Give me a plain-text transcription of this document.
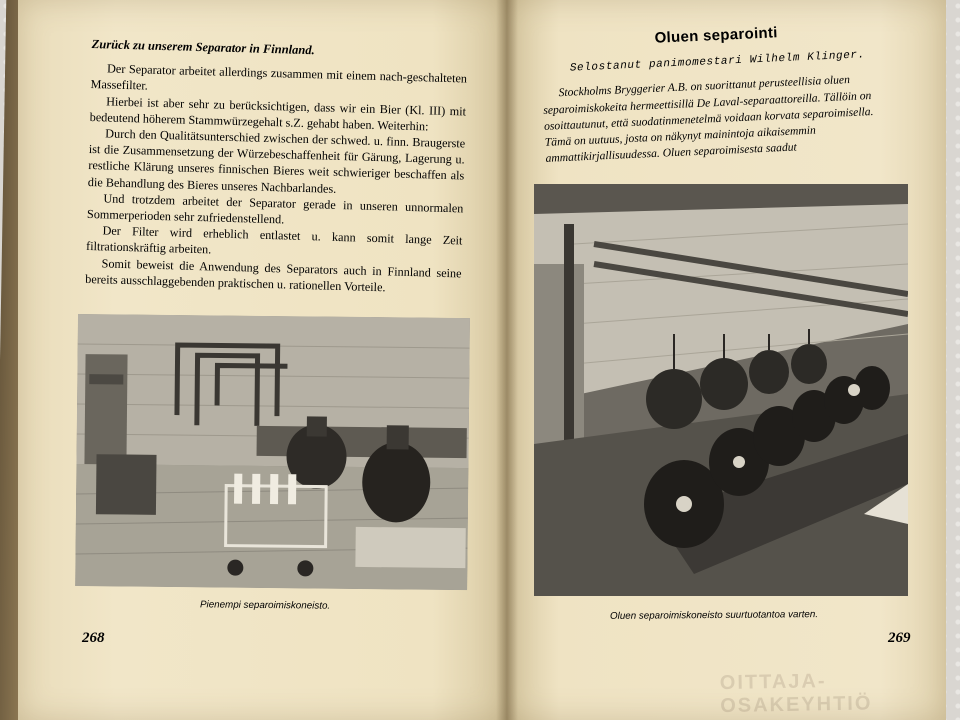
Zurück zu unserem Separator in Finnland.

Der Separator arbeitet allerdings zusammen mit einem nach-geschalteten Massefilter.

Hierbei ist aber sehr zu berücksichtigen, dass wir ein Bier (Kl. III) mit bedeutend höherem Stammwürzegehalt s.Z. gehabt haben. Weiterhin:

Durch den Qualitätsunterschied zwischen der schwed. u. finn. Braugerste ist die Zusammensetzung der Würzebeschaffenheit für Gärung, Lagerung u. restliche Klärung unseres finnischen Bieres weit schwieriger beschaffen als die Behandlung des Bieres unseres Nachbarlandes.

Und trotzdem arbeitet der Separator gerade in unseren unnormalen Sommerperioden sehr zufriedenstellend.

Der Filter wird erheblich entlastet u. kann somit lange Zeit filtrationskräftig arbeiten.

Somit beweist die Anwendung des Separators auch in Finnland seine bereits ausschlaggebenden praktischen u. rationellen Vorteile.

Pienempi separoimiskoneisto.
268
Oluen separointi
Selostanut panimomestari Wilhelm Klinger.

Stockholms Bryggerier A.B. on suorittanut perusteellisia oluen separoimiskokeita hermeettisillä De Laval-separaattoreilla. Tällöin on osoittautunut, että suodatinmenetelmä voidaan korvata separoimisella. Tämä on uutuus, josta on näkynyt mainintoja aikaisemmin ammattikirjallisuudessa. Oluen separoimisesta saadut

Oluen separoimiskoneisto suurtuotantoa varten.
269
OITTAJA-OSAKEYHTIÖ
